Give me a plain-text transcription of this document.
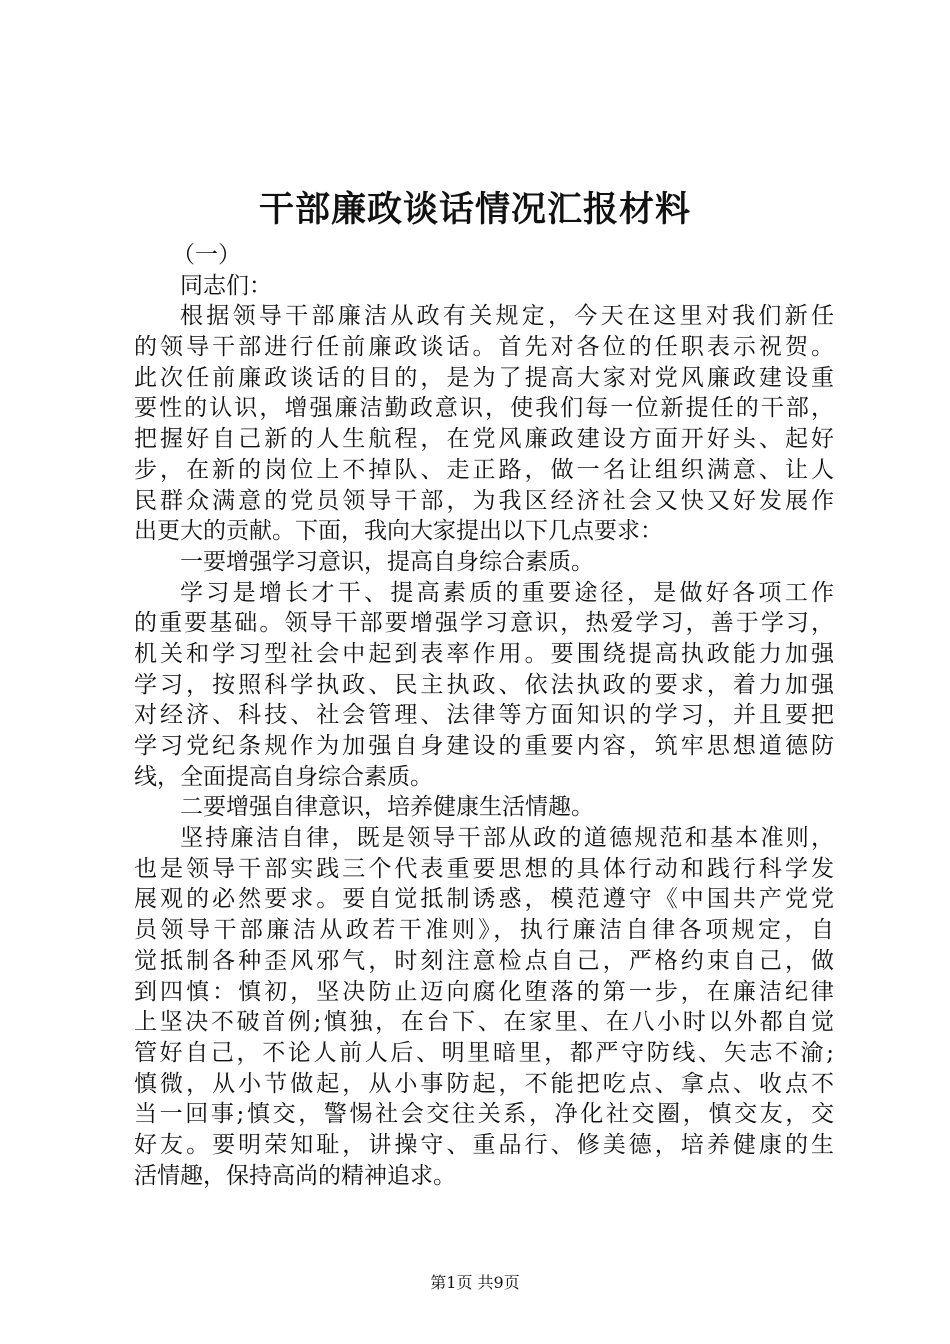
干部廉政谈话情况汇报材料
（一）
同志们：
根据领导干部廉洁从政有关规定，今天在这里对我们新任
的领导干部进行任前廉政谈话。首先对各位的任职表示祝贺。
此次任前廉政谈话的目的，是为了提高大家对党风廉政建设重
要性的认识，增强廉洁勤政意识，使我们每一位新提任的干部，
把握好自己新的人生航程，在党风廉政建设方面开好头、起好
步，在新的岗位上不掉队、走正路，做一名让组织满意、让人
民群众满意的党员领导干部，为我区经济社会又快又好发展作
出更大的贡献。下面，我向大家提出以下几点要求：
一要增强学习意识，提高自身综合素质。
学习是增长才干、提高素质的重要途径，是做好各项工作
的重要基础。领导干部要增强学习意识，热爱学习，善于学习，
机关和学习型社会中起到表率作用。要围绕提高执政能力加强
学习，按照科学执政、民主执政、依法执政的要求，着力加强
对经济、科技、社会管理、法律等方面知识的学习，并且要把
学习党纪条规作为加强自身建设的重要内容，筑牢思想道德防
线，全面提高自身综合素质。
二要增强自律意识，培养健康生活情趣。
坚持廉洁自律，既是领导干部从政的道德规范和基本准则，
也是领导干部实践三个代表重要思想的具体行动和践行科学发
展观的必然要求。要自觉抵制诱惑，模范遵守《中国共产党党
员领导干部廉洁从政若干准则》，执行廉洁自律各项规定，自
觉抵制各种歪风邪气，时刻注意检点自己，严格约束自己，做
到四慎：慎初，坚决防止迈向腐化堕落的第一步，在廉洁纪律
上坚决不破首例;慎独，在台下、在家里、在八小时以外都自觉
管好自己，不论人前人后、明里暗里，都严守防线、矢志不渝;
慎微，从小节做起，从小事防起，不能把吃点、拿点、收点不
当一回事;慎交，警惕社会交往关系，净化社交圈，慎交友，交
好友。要明荣知耻，讲操守、重品行、修美德，培养健康的生
活情趣，保持高尚的精神追求。
第1页 共9页
